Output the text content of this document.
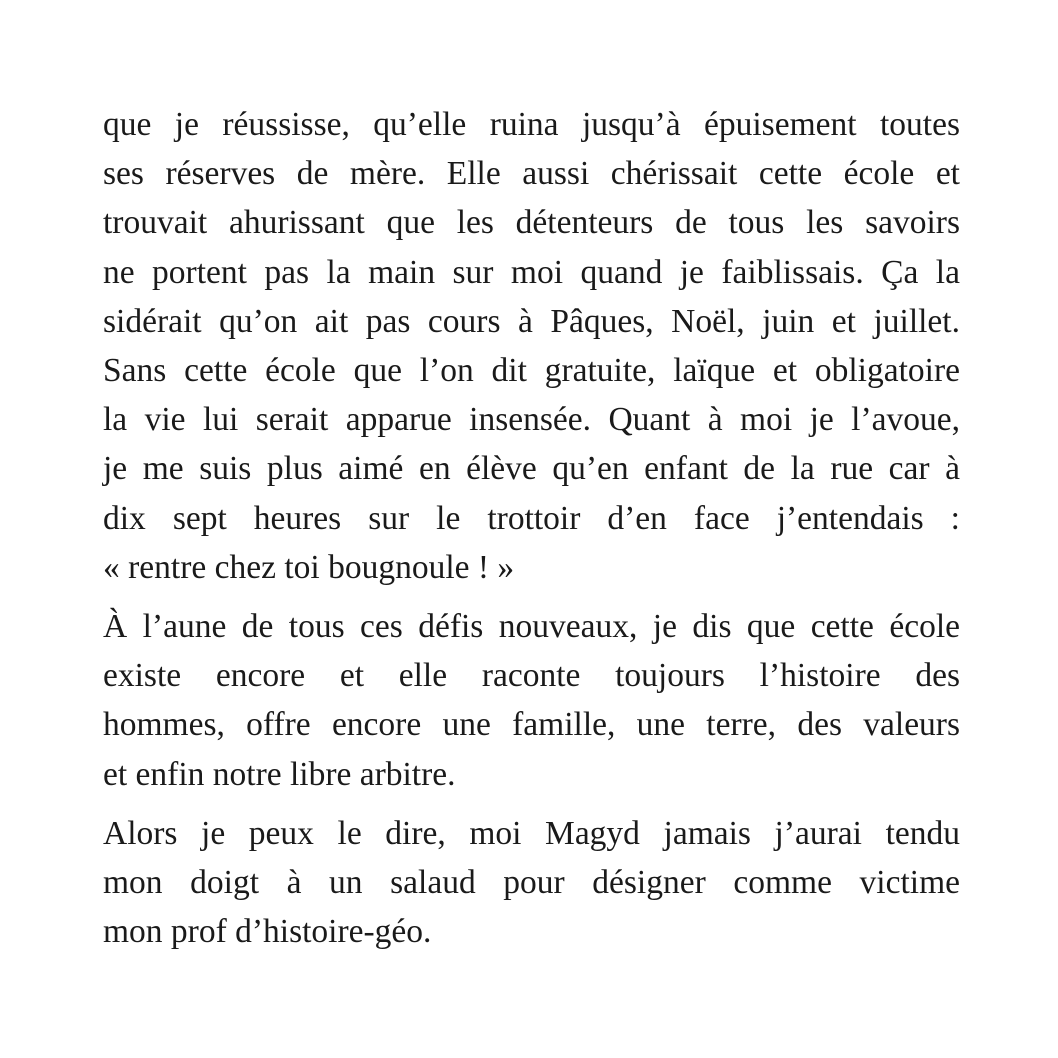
que je réussisse, qu’elle ruina jusqu’à épuisement toutes
ses réserves de mère. Elle aussi chérissait cette école et
trouvait ahurissant que les détenteurs de tous les savoirs
ne portent pas la main sur moi quand je faiblissais. Ça la
sidérait qu’on ait pas cours à Pâques, Noël, juin et juillet.
Sans cette école que l’on dit gratuite, laïque et obligatoire
la vie lui serait apparue insensée. Quant à moi je l’avoue,
je me suis plus aimé en élève qu’en enfant de la rue car à
dix sept heures sur le trottoir d’en face j’entendais :
« rentre chez toi bougnoule ! »

À l’aune de tous ces défis nouveaux, je dis que cette école
existe encore et elle raconte toujours l’histoire des
hommes, offre encore une famille, une terre, des valeurs
et enfin notre libre arbitre.

Alors je peux le dire, moi Magyd jamais j’aurai tendu
mon doigt à un salaud pour désigner comme victime
mon prof d’histoire-géo.
